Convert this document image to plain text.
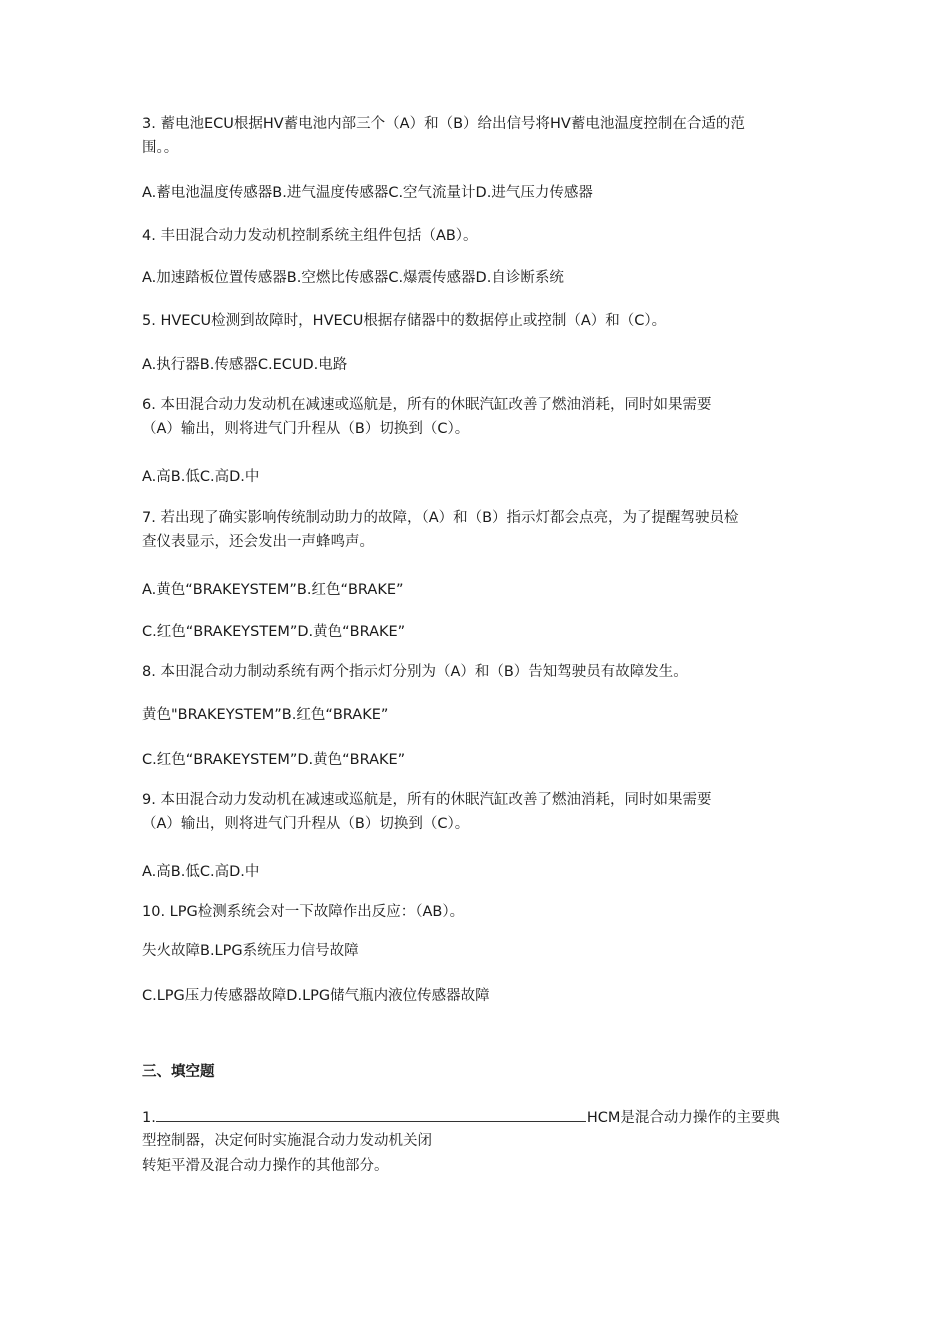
3. 蓄电池ECU根据HV蓄电池内部三个（A）和（B）给出信号将HV蓄电池温度控制在合适的范
围。。
A.蓄电池温度传感器B.进气温度传感器C.空气流量计D.进气压力传感器
4. 丰田混合动力发动机控制系统主组件包括（AB）。
A.加速踏板位置传感器B.空燃比传感器C.爆震传感器D.自诊断系统
5. HVECU检测到故障时，HVECU根据存储器中的数据停止或控制（A）和（C）。
A.执行器B.传感器C.ECUD.电路
6. 本田混合动力发动机在减速或巡航是，所有的休眠汽缸改善了燃油消耗，同时如果需要
（A）输出，则将进气门升程从（B）切换到（C）。
A.高B.低C.高D.中
7. 若出现了确实影响传统制动助力的故障，（A）和（B）指示灯都会点亮，为了提醒驾驶员检
查仪表显示，还会发出一声蜂鸣声。
A.黄色“BRAKEYSTEM”B.红色“BRAKE”
C.红色“BRAKEYSTEM”D.黄色“BRAKE”
8. 本田混合动力制动系统有两个指示灯分别为（A）和（B）告知驾驶员有故障发生。
黄色"BRAKEYSTEM”B.红色“BRAKE”
C.红色“BRAKEYSTEM”D.黄色“BRAKE”
9. 本田混合动力发动机在减速或巡航是，所有的休眠汽缸改善了燃油消耗，同时如果需要
（A）输出，则将进气门升程从（B）切换到（C）。
A.高B.低C.高D.中
10. LPG检测系统会对一下故障作出反应：（AB）。
失火故障B.LPG系统压力信号故障
C.LPG压力传感器故障D.LPG储气瓶内液位传感器故障
三、填空题
1.	HCM是混合动力操作的主要典
型控制器，决定何时实施混合动力发动机关闭
转矩平滑及混合动力操作的其他部分。
